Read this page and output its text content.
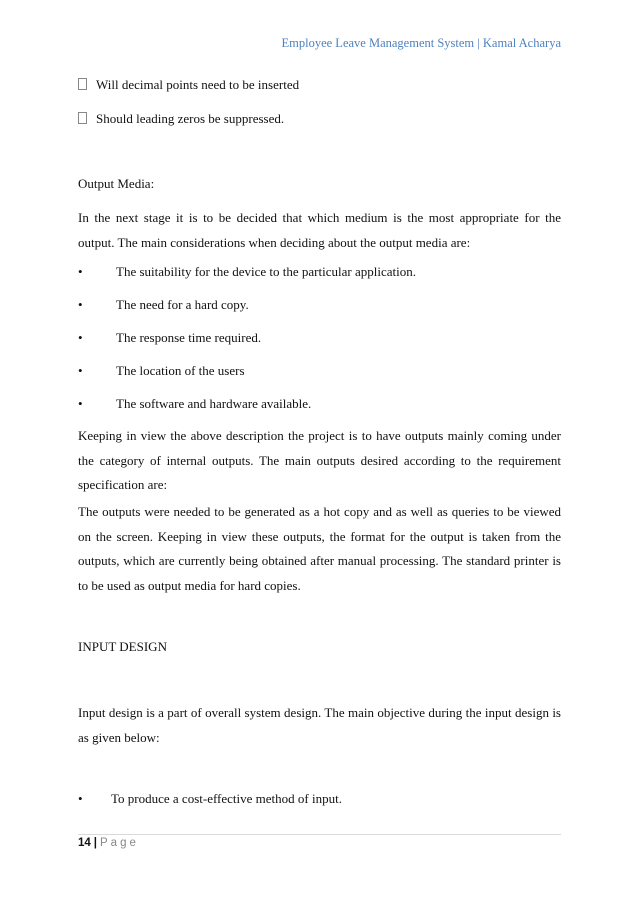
Employee Leave Management System | Kamal Acharya
Will decimal points need to be inserted
Should leading zeros be suppressed.
Output Media:
In the next stage it is to be decided that which medium is the most appropriate for the output. The main considerations when deciding about the output media are:
•	The suitability for the device to the particular application.
•	The need for a hard copy.
•	The response time required.
•	The location of the users
•	The software and hardware available.
Keeping in view the above description the project is to have outputs mainly coming under the category of internal outputs. The main outputs desired according to the requirement specification are:
The outputs were needed to be generated as a hot copy and as well as queries to be viewed on the screen. Keeping in view these outputs, the format for the output is taken from the outputs, which are currently being obtained after manual processing. The standard printer is to be used as output media for hard copies.
INPUT DESIGN
Input design is a part of overall system design. The main objective during the input design is as given below:
• To produce a cost-effective method of input.
14 | Page
